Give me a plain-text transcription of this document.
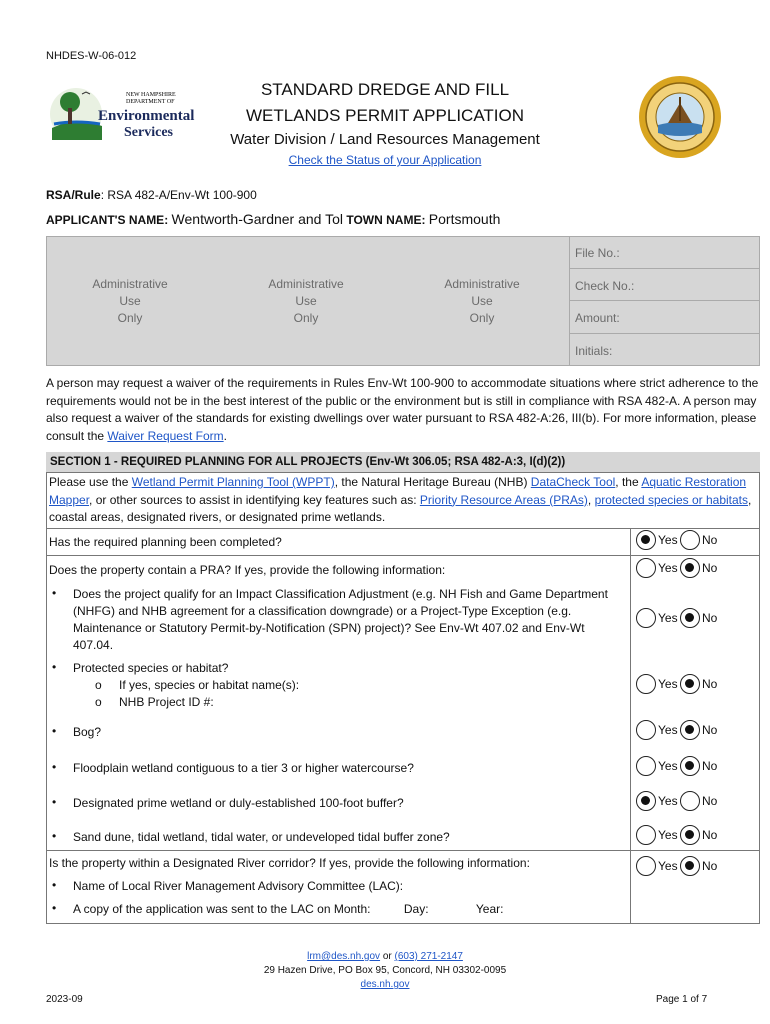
NHDES-W-06-012
NEW HAMPSHIRE
DEPARTMENT OF
Environmental
Services
STANDARD DREDGE AND FILL
WETLANDS PERMIT APPLICATION
Water Division / Land Resources Management
Check the Status of your Application
RSA/Rule: RSA 482-A/Env-Wt 100-900
APPLICANT'S NAME: Wentworth-Gardner and Tol TOWN NAME: Portsmouth
Administrative
Use
Only
Administrative
Use
Only
Administrative
Use
Only
File No.:
Check No.:
Amount:
Initials:
A person may request a waiver of the requirements in Rules Env-Wt 100-900 to accommodate situations where strict adherence to the requirements would not be in the best interest of the public or the environment but is still in compliance with RSA 482-A. A person may also request a waiver of the standards for existing dwellings over water pursuant to RSA 482-A:26, III(b). For more information, please consult the Waiver Request Form.
SECTION 1 - REQUIRED PLANNING FOR ALL PROJECTS (Env-Wt 306.05; RSA 482-A:3, I(d)(2))
Please use the Wetland Permit Planning Tool (WPPT), the Natural Heritage Bureau (NHB) DataCheck Tool, the Aquatic Restoration Mapper, or other sources to assist in identifying key features such as: Priority Resource Areas (PRAs), protected species or habitats, coastal areas, designated rivers, or designated prime wetlands.
Has the required planning been completed?	Yes No
Does the property contain a PRA? If yes, provide the following information:	Yes No
• Does the project qualify for an Impact Classification Adjustment (e.g. NH Fish and Game Department (NHFG) and NHB agreement for a classification downgrade) or a Project-Type Exception (e.g. Maintenance or Statutory Permit-by-Notification (SPN) project)? See Env-Wt 407.02 and Env-Wt 407.04.
Yes No
• Protected species or habitat?
o If yes, species or habitat name(s):
o NHB Project ID #:
Yes No
• Bog?	Yes No
• Floodplain wetland contiguous to a tier 3 or higher watercourse?	Yes No
• Designated prime wetland or duly-established 100-foot buffer?	Yes No
• Sand dune, tidal wetland, tidal water, or undeveloped tidal buffer zone?	Yes No
Is the property within a Designated River corridor? If yes, provide the following information:	Yes No
• Name of Local River Management Advisory Committee (LAC):
• A copy of the application was sent to the LAC on Month:	Day:	Year:
lrm@des.nh.gov or (603) 271-2147
29 Hazen Drive, PO Box 95, Concord, NH 03302-0095
des.nh.gov
2023-09	Page 1 of 7
